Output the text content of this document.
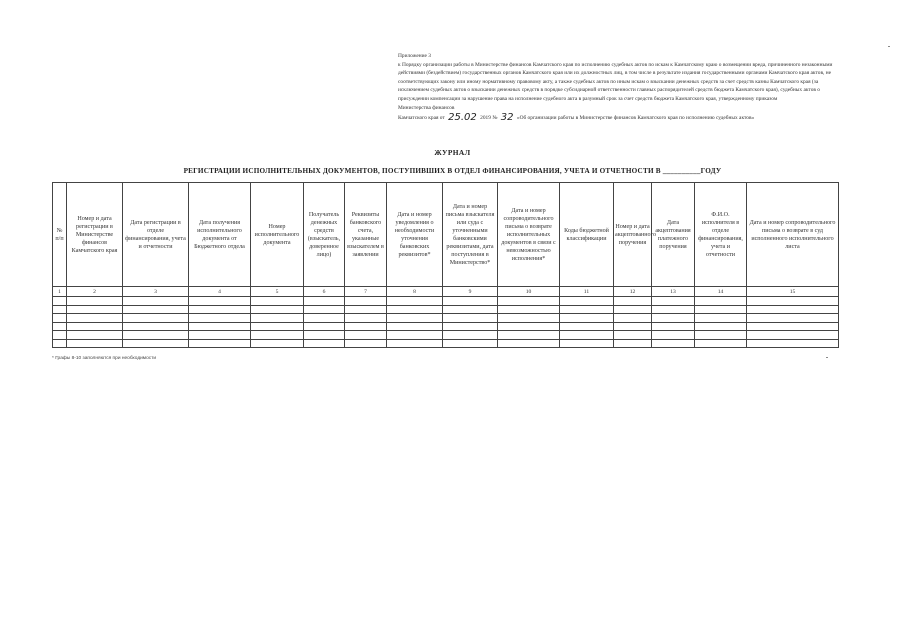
Приложение 3
к Порядку организации работы в Министерстве финансов Камчатского края по исполнению судебных актов по искам к Камчатскому краю о возмещении вреда, причиненного незаконными действиями (бездействием) государственных органов Камчатского края или их должностных лиц, в том числе в результате издания государственными органами Камчатского края актов, не соответствующих закону или иному нормативному правовому акту, а также судебных актов по иным искам о взыскании денежных средств за счет средств казны Камчатского края (за исключением судебных актов о взыскании денежных средств в порядке субсидиарной ответственности главных распорядителей средств бюджета Камчатского края), судебных актов о присуждении компенсации за нарушение права на исполнение судебного акта в разумный срок за счет средств бюджета Камчатского края, утвержденному приказом
Министерства финансов
Камчатского края от 25.02 2019 № 32 «Об организации работы в Министерстве финансов Камчатского края по исполнению судебных актов»
ЖУРНАЛ
РЕГИСТРАЦИИ ИСПОЛНИТЕЛЬНЫХ ДОКУМЕНТОВ, ПОСТУПИВШИХ В ОТДЕЛ ФИНАНСИРОВАНИЯ, УЧЕТА И ОТЧЕТНОСТИ В __________ГОДУ
№ п/п	Номер и дата регистрации в Министерстве финансов Камчатского края	Дата регистрации в отделе финансирования, учета и отчетности	Дата получения исполнительного документа от Бюджетного отдела	Номер исполнительного документа	Получатель денежных средств (взыскатель, доверенное лицо)	Реквизиты банковского счета, указанные взыскателем в заявлении	Дата и номер уведомления о необходимости уточнения банковских реквизитов*	Дата и номер письма взыскателя или суда с уточненными банковскими реквизитами, дата поступления в Министерство*	Дата и номер сопроводительного письма о возврате исполнительных документов в связи с невозможностью исполнения*	Коды бюджетной классификации	Номер и дата акцептованного поручения	Дата акцептования платежного поручения	Ф.И.О. исполнителя в отделе финансирования, учета и отчетности	Дата и номер сопроводительного письма о возврате в суд исполненного исполнительного листа
1	2	3	4	5	6	7	8	9	10	11	12	13	14	15

* Графы 8-10 заполняются при необходимости
